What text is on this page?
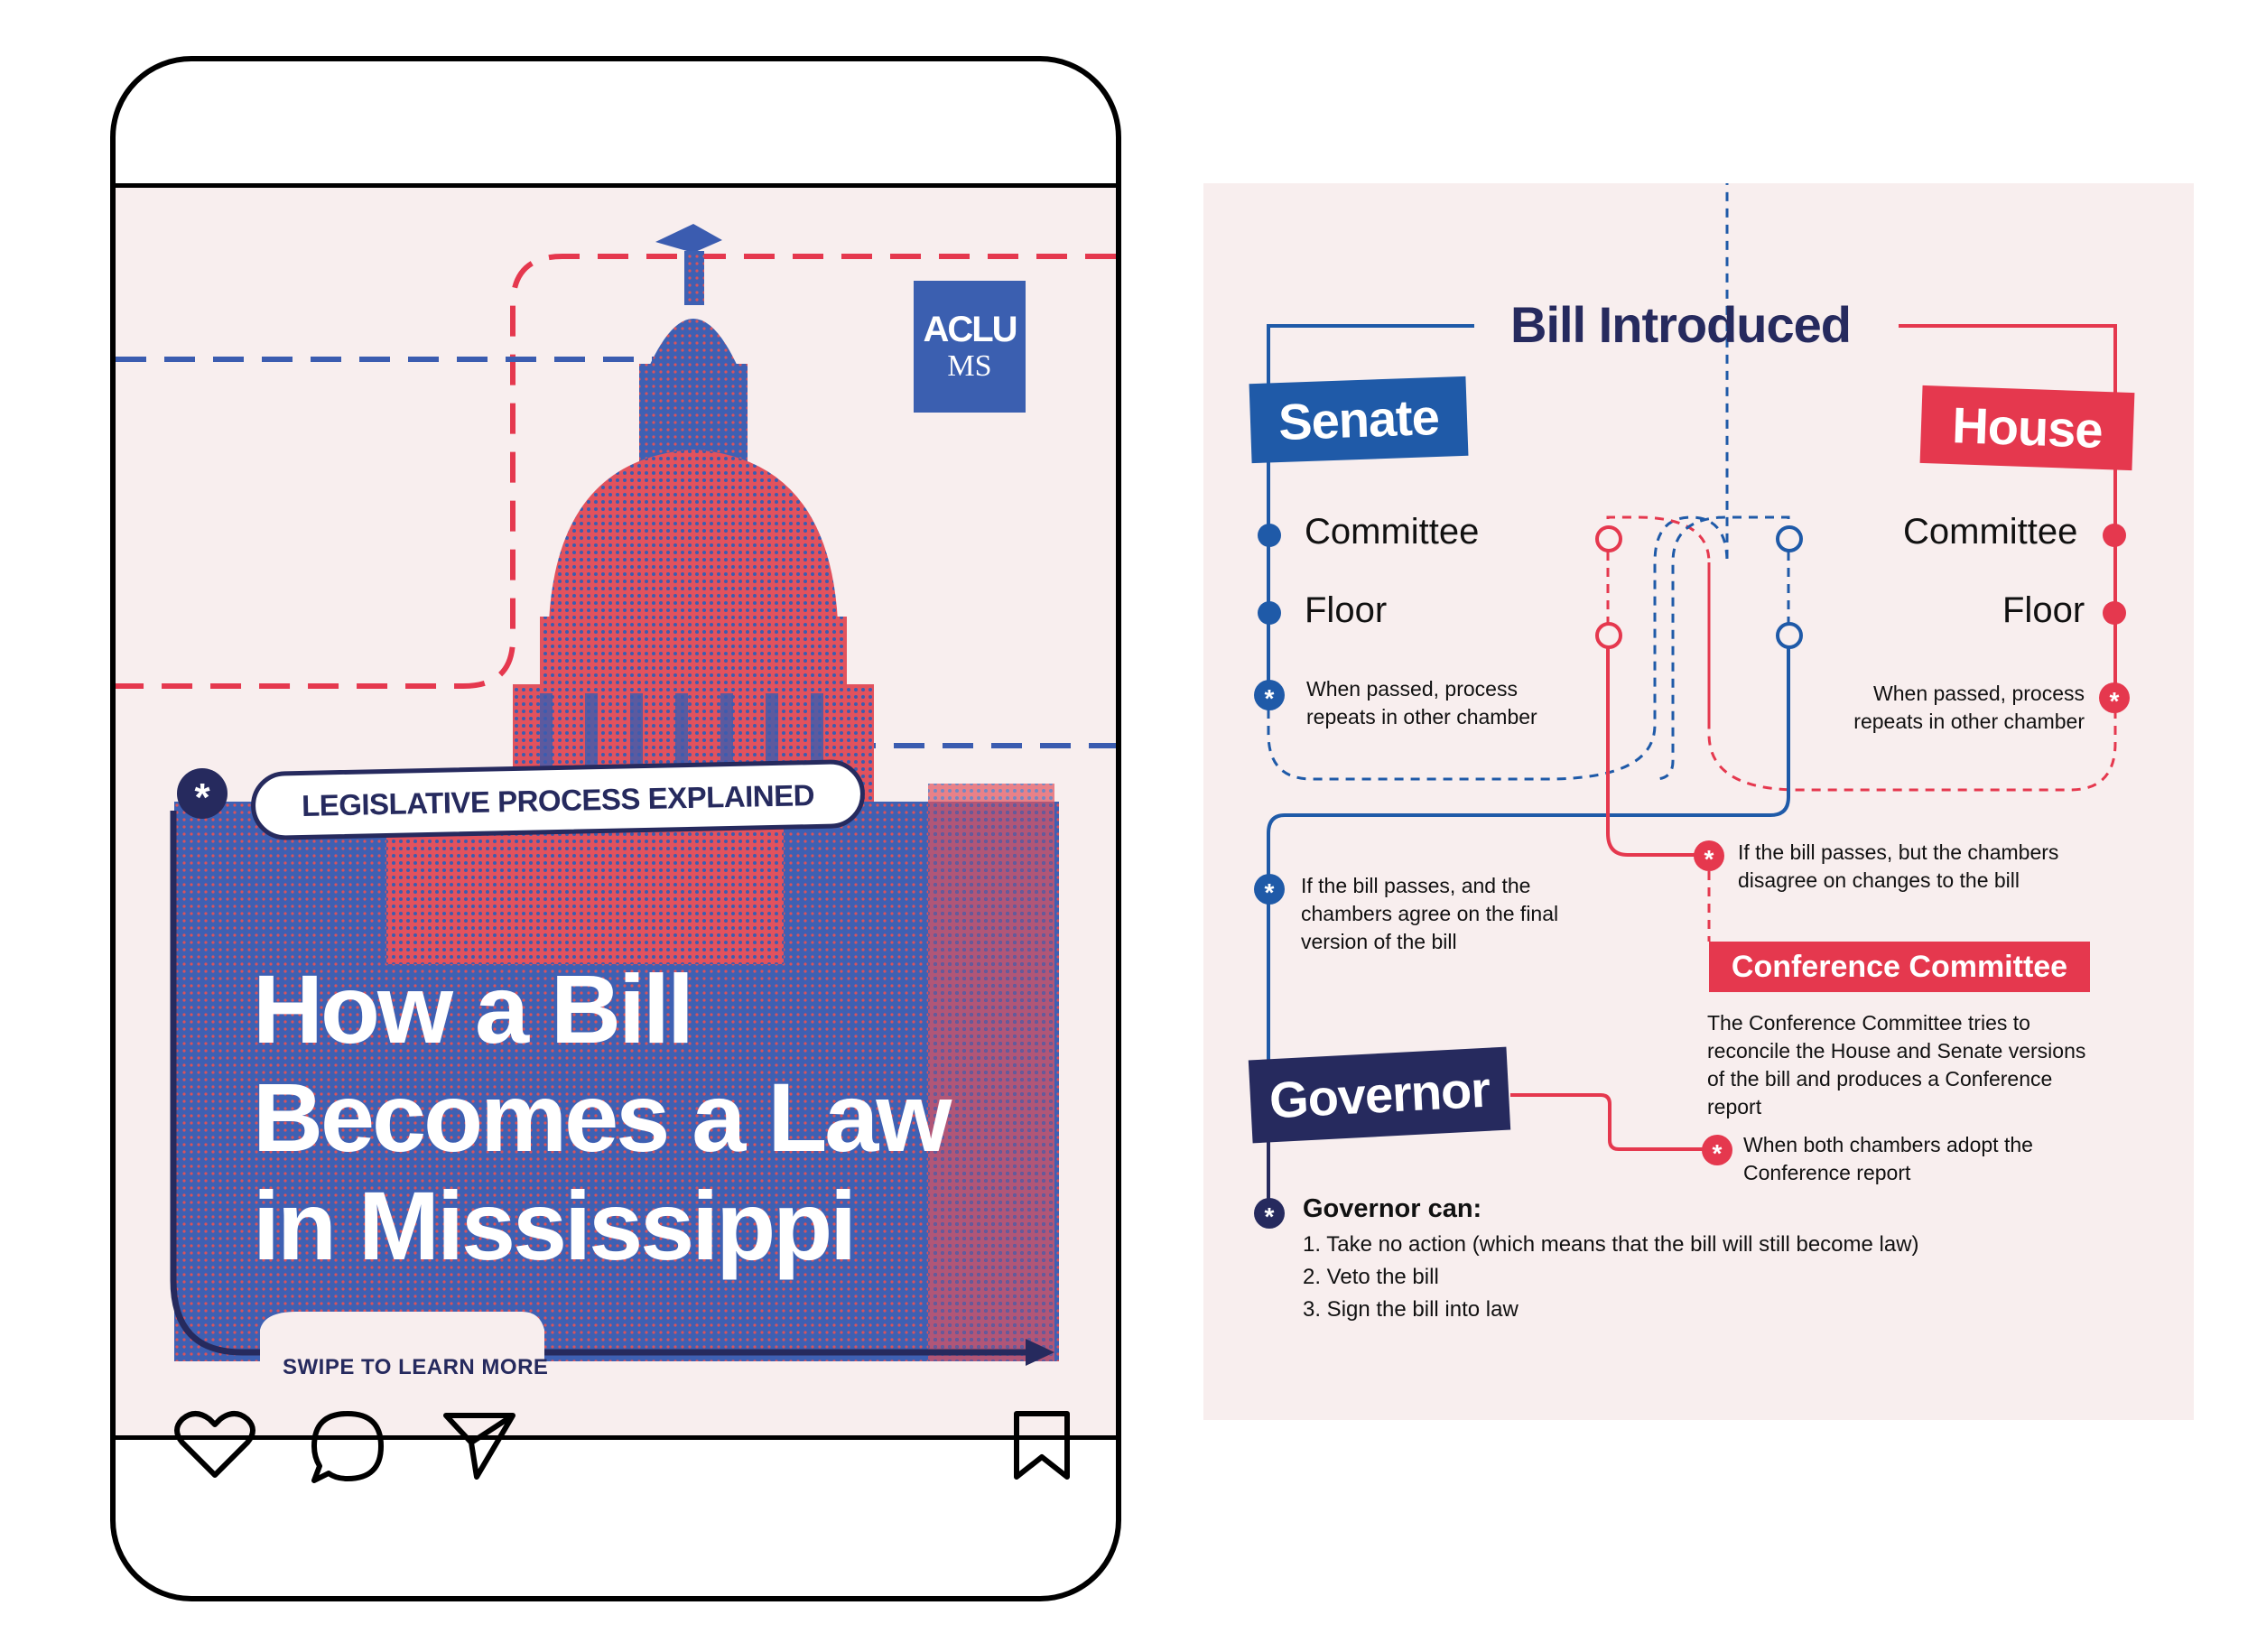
ACLU
MS
*	LEGISLATIVE PROCESS EXPLAINED
How a Bill
Becomes a Law
in Mississippi
SWIPE TO LEARN MORE
Bill Introduced
Senate	House
Committee
Floor
*	When passed, process
repeats in other chamber
Committee
Floor
*
When passed, process
repeats in other chamber
*	If the bill passes, and the
chambers agree on the final
version of the bill
*	If the bill passes, but the chambers
disagree on changes to the bill
Conference Committee
The Conference Committee tries to
reconcile the House and Senate versions
of the bill and produces a Conference
report
*	When both chambers adopt the
Conference report
Governor
*	Governor can:
1. Take no action (which means that the bill will still become law)
2. Veto the bill
3. Sign the bill into law
